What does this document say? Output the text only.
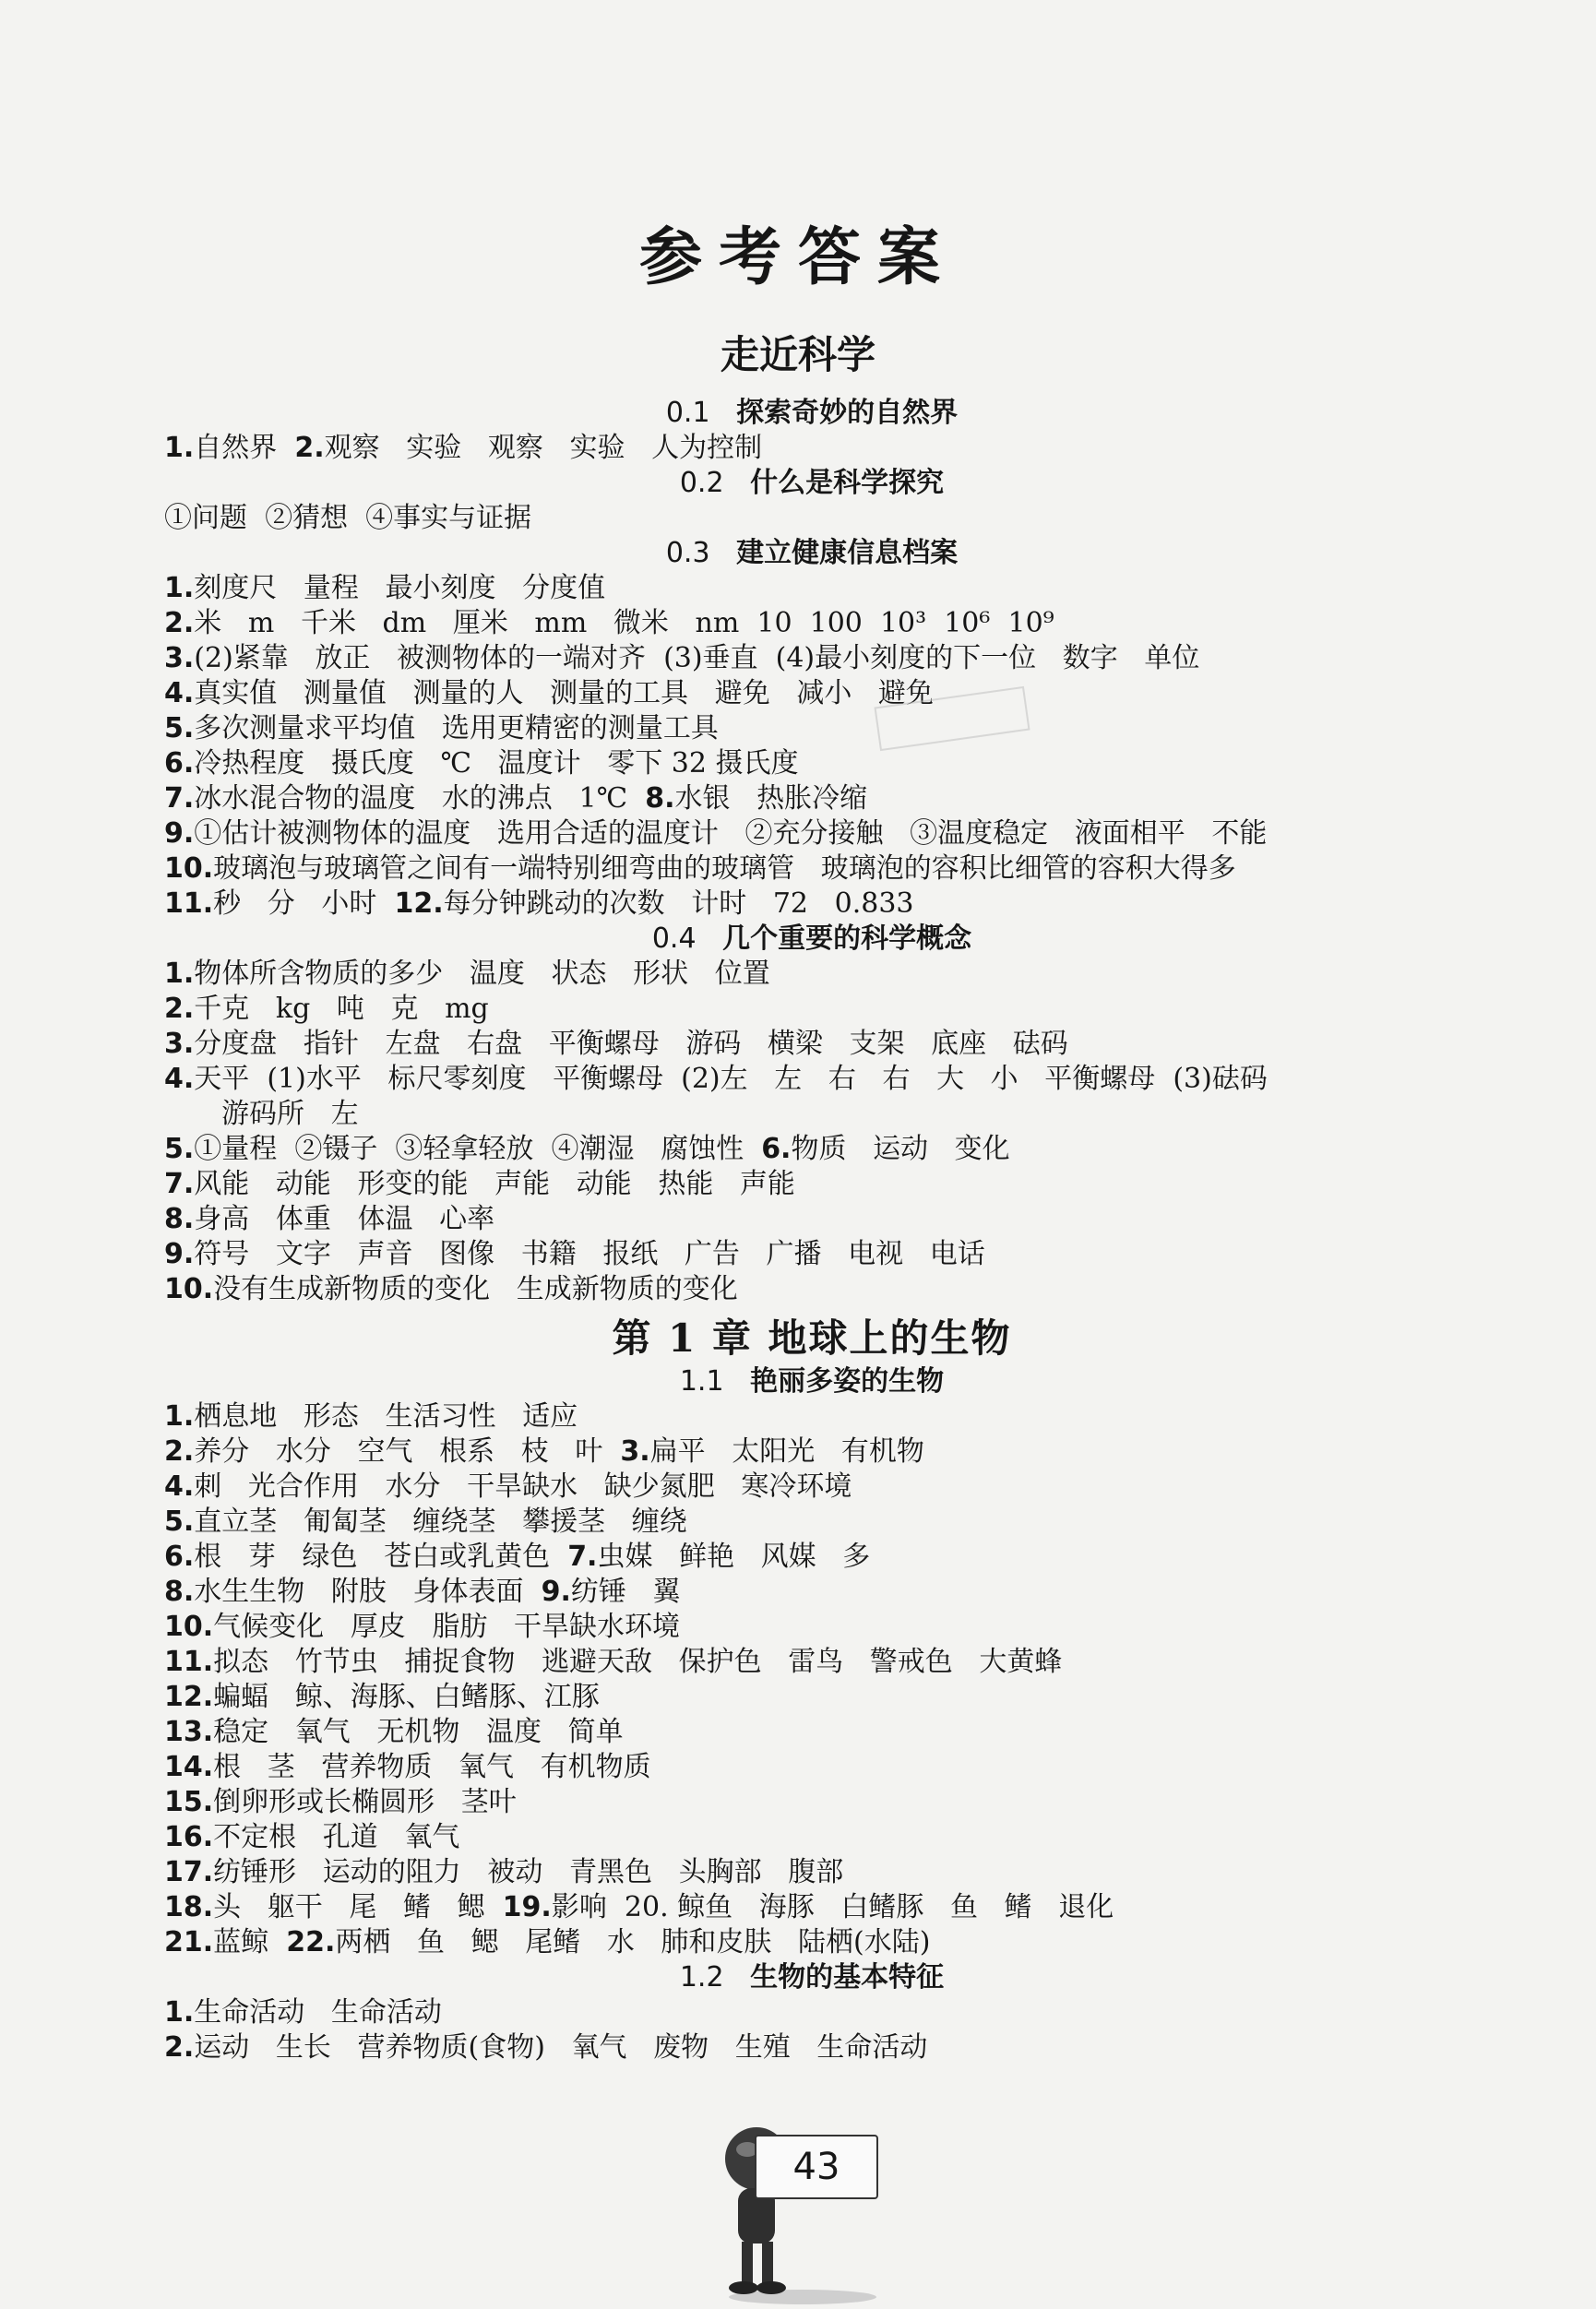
参考答案
走近科学
0.1 探索奇妙的自然界
1.自然界  2.观察   实验   观察   实验   人为控制
0.2 什么是科学探究
①问题  ②猜想  ④事实与证据
0.3 建立健康信息档案
1.刻度尺   量程   最小刻度   分度值
2.米   m   千米   dm   厘米   mm   微米   nm  10  100  10³  10⁶  10⁹
3.(2)紧靠   放正   被测物体的一端对齐  (3)垂直  (4)最小刻度的下一位   数字   单位
4.真实值   测量值   测量的人   测量的工具   避免   减小   避免
5.多次测量求平均值   选用更精密的测量工具
6.冷热程度   摄氏度   ℃   温度计   零下 32 摄氏度
7.冰水混合物的温度   水的沸点   1℃  8.水银   热胀冷缩
9.①估计被测物体的温度   选用合适的温度计   ②充分接触   ③温度稳定   液面相平   不能
10.玻璃泡与玻璃管之间有一端特别细弯曲的玻璃管   玻璃泡的容积比细管的容积大得多
11.秒   分   小时  12.每分钟跳动的次数   计时   72   0.833
0.4 几个重要的科学概念
1.物体所含物质的多少   温度   状态   形状   位置
2.千克   kg   吨   克   mg
3.分度盘   指针   左盘   右盘   平衡螺母   游码   横梁   支架   底座   砝码
4.天平  (1)水平   标尺零刻度   平衡螺母  (2)左   左   右   右   大   小   平衡螺母  (3)砝码
游码所   左
5.①量程  ②镊子  ③轻拿轻放  ④潮湿   腐蚀性  6.物质   运动   变化
7.风能   动能   形变的能   声能   动能   热能   声能
8.身高   体重   体温   心率
9.符号   文字   声音   图像   书籍   报纸   广告   广播   电视   电话
10.没有生成新物质的变化   生成新物质的变化
第 1 章 地球上的生物
1.1 艳丽多姿的生物
1.栖息地   形态   生活习性   适应
2.养分   水分   空气   根系   枝   叶  3.扁平   太阳光   有机物
4.刺   光合作用   水分   干旱缺水   缺少氮肥   寒冷环境
5.直立茎   匍匐茎   缠绕茎   攀援茎   缠绕
6.根   芽   绿色   苍白或乳黄色  7.虫媒   鲜艳   风媒   多
8.水生生物   附肢   身体表面  9.纺锤   翼
10.气候变化   厚皮   脂肪   干旱缺水环境
11.拟态   竹节虫   捕捉食物   逃避天敌   保护色   雷鸟   警戒色   大黄蜂
12.蝙蝠   鲸、海豚、白鳍豚、江豚
13.稳定   氧气   无机物   温度   简单
14.根   茎   营养物质   氧气   有机物质
15.倒卵形或长椭圆形   茎叶
16.不定根   孔道   氧气
17.纺锤形   运动的阻力   被动   青黑色   头胸部   腹部
18.头   躯干   尾   鳍   鳃  19.影响  20. 鲸鱼   海豚   白鳍豚   鱼   鳍   退化
21.蓝鲸  22.两栖   鱼   鳃   尾鳍   水   肺和皮肤   陆栖(水陆)
1.2 生物的基本特征
1.生命活动   生命活动
2.运动   生长   营养物质(食物)   氧气   废物   生殖   生命活动
43
